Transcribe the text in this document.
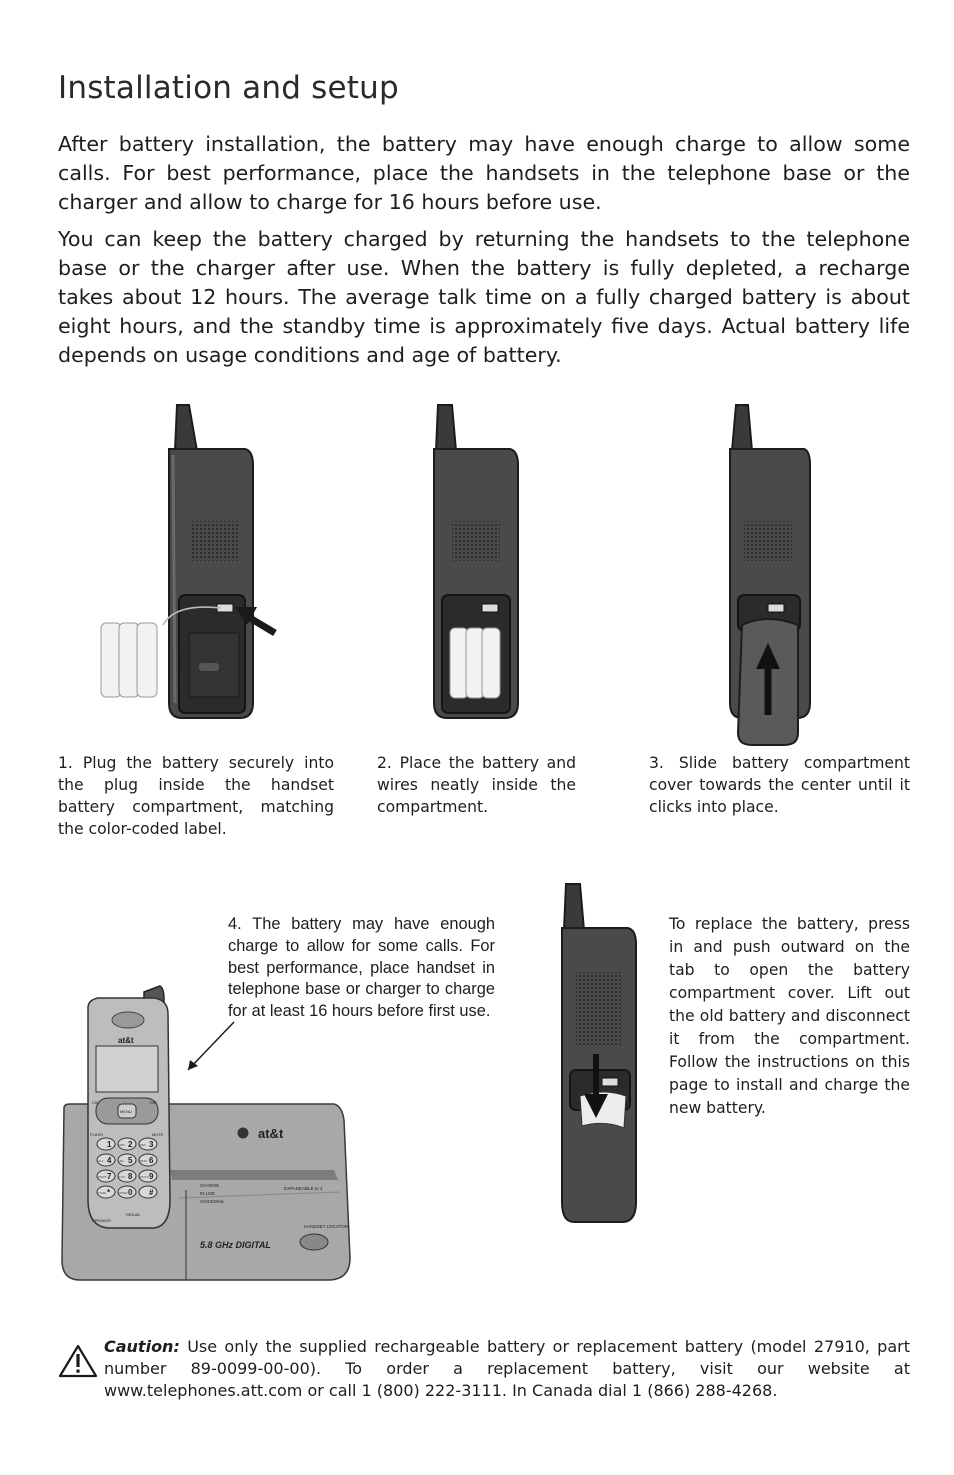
Installation and setup

After battery installation, the battery may have enough charge to allow some calls. For best performance, place the handsets in the telephone base or the charger and allow to charge for 16 hours before use.

You can keep the battery charged by returning the handsets to the telephone base or the charger after use. When the battery is fully depleted, a recharge takes about 12 hours. The average talk time on a fully charged battery is about eight hours, and the standby time is approximately five days. Actual battery life depends on usage conditions and age of battery.

1. Plug the battery securely into the plug inside the handset battery compartment, matching the color-coded label.

2. Place the battery and wires neatly inside the compartment.

3. Slide battery compartment cover towards the center until it clicks into place.

4. The battery may have enough charge to allow for some calls. For best performance, place handset in telephone base or charger to charge for at least 16 hours before first use.

at&t
5.8 GHz DIGITAL
EXPANDABLE to 4
CHARGE
IN USE
VOICEMAIL
HANDSET LOCATOR
at&t
MENU
1 2
ABC	3
DEF
4
GHI	5
JKL	6
MNO
7
PQRS	8
TUV	9
WXYZ
*
TONE	0
OPER	#
CID	DIR
FLASH	MUTE
SPEAKER
REDIAL

To replace the battery, press in and push outward on the tab to open the battery compartment cover. Lift out the old battery and disconnect it from the compartment. Follow the instructions on this page to install and charge the new battery.

Caution: Use only the supplied rechargeable battery or replacement battery (model 27910, part number 89-0099-00-00). To order a replacement battery, visit our website at www.telephones.att.com or call 1 (800) 222-3111. In Canada dial 1 (866) 288-4268.
